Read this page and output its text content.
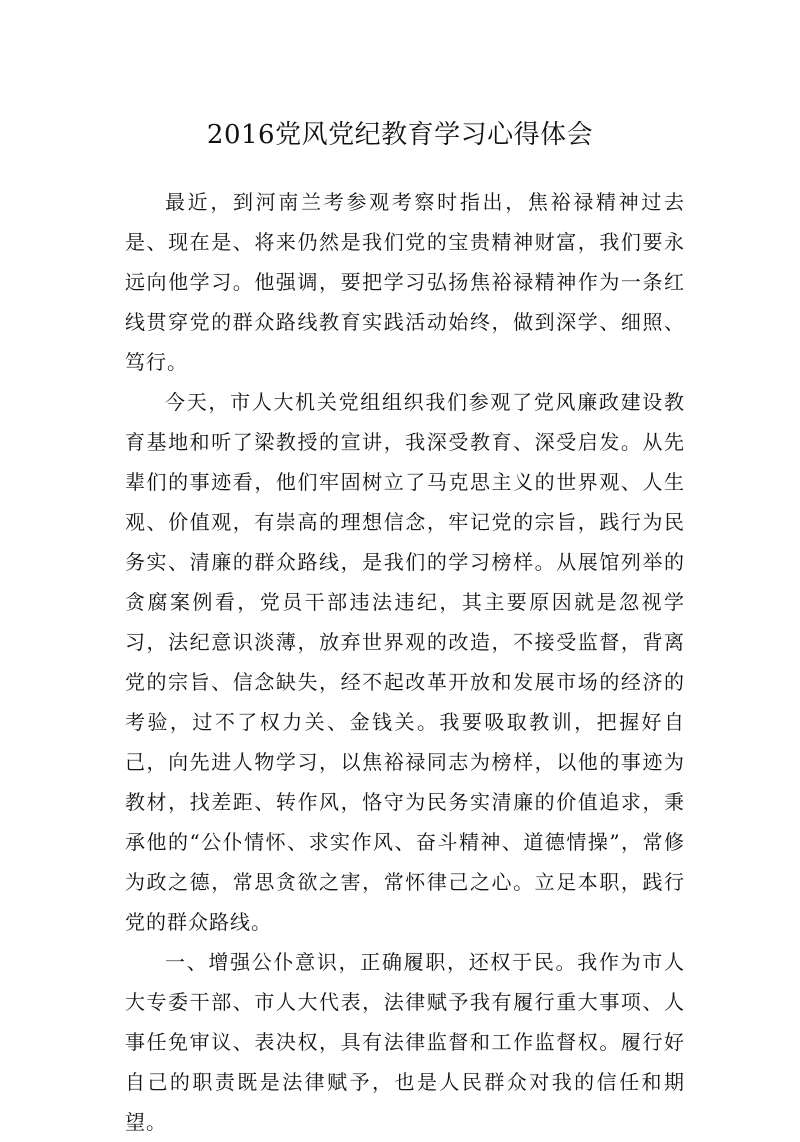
2016党风党纪教育学习心得体会

最近，到河南兰考参观考察时指出，焦裕禄精神过去是、现在是、将来仍然是我们党的宝贵精神财富，我们要永远向他学习。他强调，要把学习弘扬焦裕禄精神作为一条红线贯穿党的群众路线教育实践活动始终，做到深学、细照、笃行。

今天，市人大机关党组组织我们参观了党风廉政建设教育基地和听了梁教授的宣讲，我深受教育、深受启发。从先辈们的事迹看，他们牢固树立了马克思主义的世界观、人生观、价值观，有崇高的理想信念，牢记党的宗旨，践行为民务实、清廉的群众路线，是我们的学习榜样。从展馆列举的贪腐案例看，党员干部违法违纪，其主要原因就是忽视学习，法纪意识淡薄，放弃世界观的改造，不接受监督，背离党的宗旨、信念缺失，经不起改革开放和发展市场的经济的考验，过不了权力关、金钱关。我要吸取教训，把握好自己，向先进人物学习，以焦裕禄同志为榜样，以他的事迹为教材，找差距、转作风，恪守为民务实清廉的价值追求，秉承他的“公仆情怀、求实作风、奋斗精神、道德情操”，常修为政之德，常思贪欲之害，常怀律己之心。立足本职，践行党的群众路线。

一、增强公仆意识，正确履职，还权于民。我作为市人大专委干部、市人大代表，法律赋予我有履行重大事项、人事任免审议、表决权，具有法律监督和工作监督权。履行好自己的职责既是法律赋予，也是人民群众对我的信任和期望。
